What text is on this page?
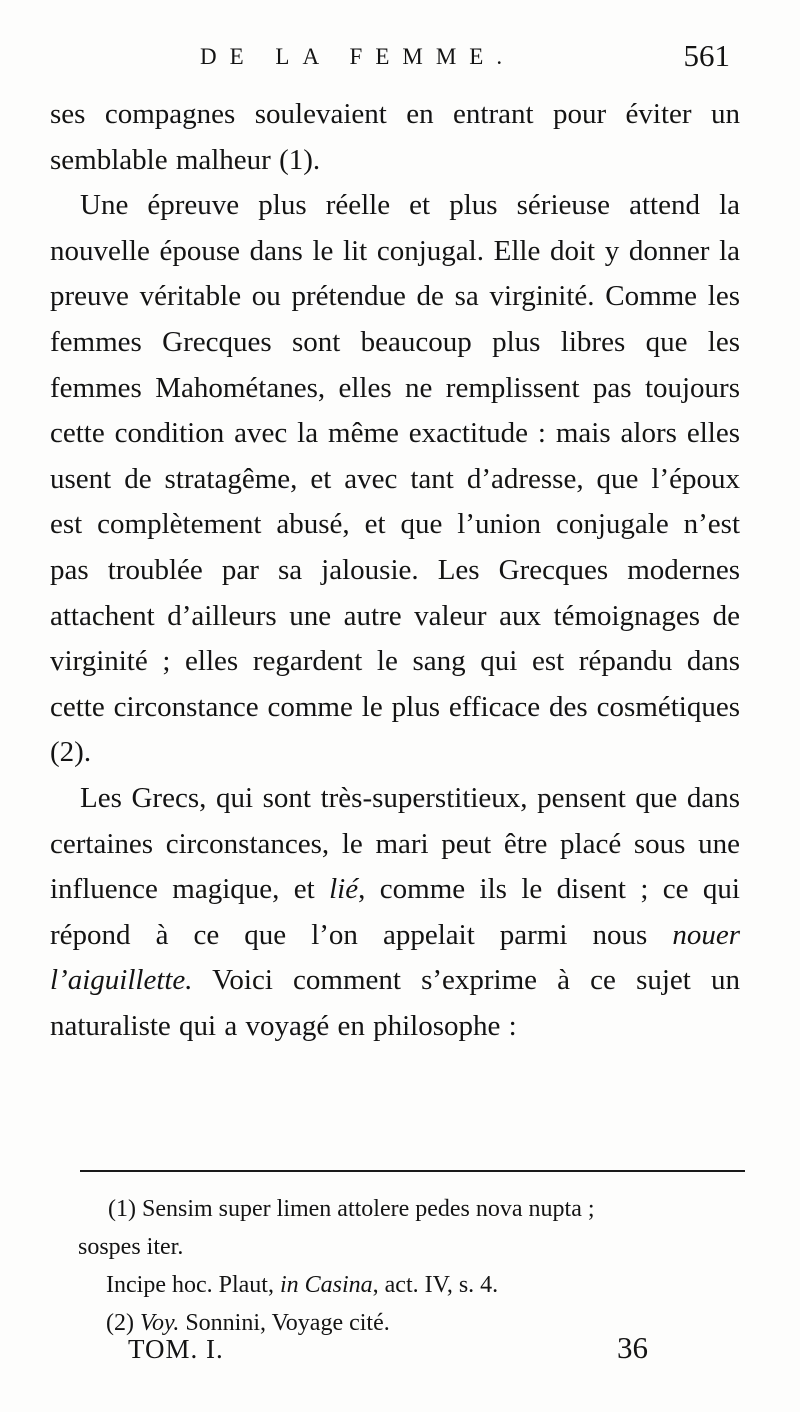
DE LA FEMME.	561

ses compagnes soulevaient en entrant pour éviter un semblable malheur (1).

Une épreuve plus réelle et plus sérieuse attend la nouvelle épouse dans le lit conjugal. Elle doit y donner la preuve véritable ou prétendue de sa virginité. Comme les femmes Grecques sont beaucoup plus libres que les femmes Mahométanes, elles ne remplissent pas toujours cette condition avec la même exactitude : mais alors elles usent de stratagême, et avec tant d’adresse, que l’époux est complètement abusé, et que l’union conjugale n’est pas troublée par sa jalousie. Les Grecques modernes attachent d’ailleurs une autre valeur aux témoignages de virginité ; elles regardent le sang qui est répandu dans cette circonstance comme le plus efficace des cosmétiques (2).

Les Grecs, qui sont très-superstitieux, pensent que dans certaines circonstances, le mari peut être placé sous une influence magique, et lié, comme ils le disent ; ce qui répond à ce que l’on appelait parmi nous nouer l’aiguillette. Voici comment s’exprime à ce sujet un naturaliste qui a voyagé en philosophe :

(1) Sensim super limen attolere pedes nova nupta ;

sospes iter.

Incipe hoc. Plaut, in Casina, act. IV, s. 4.

(2) Voy. Sonnini, Voyage cité.

TOM. I.	36
